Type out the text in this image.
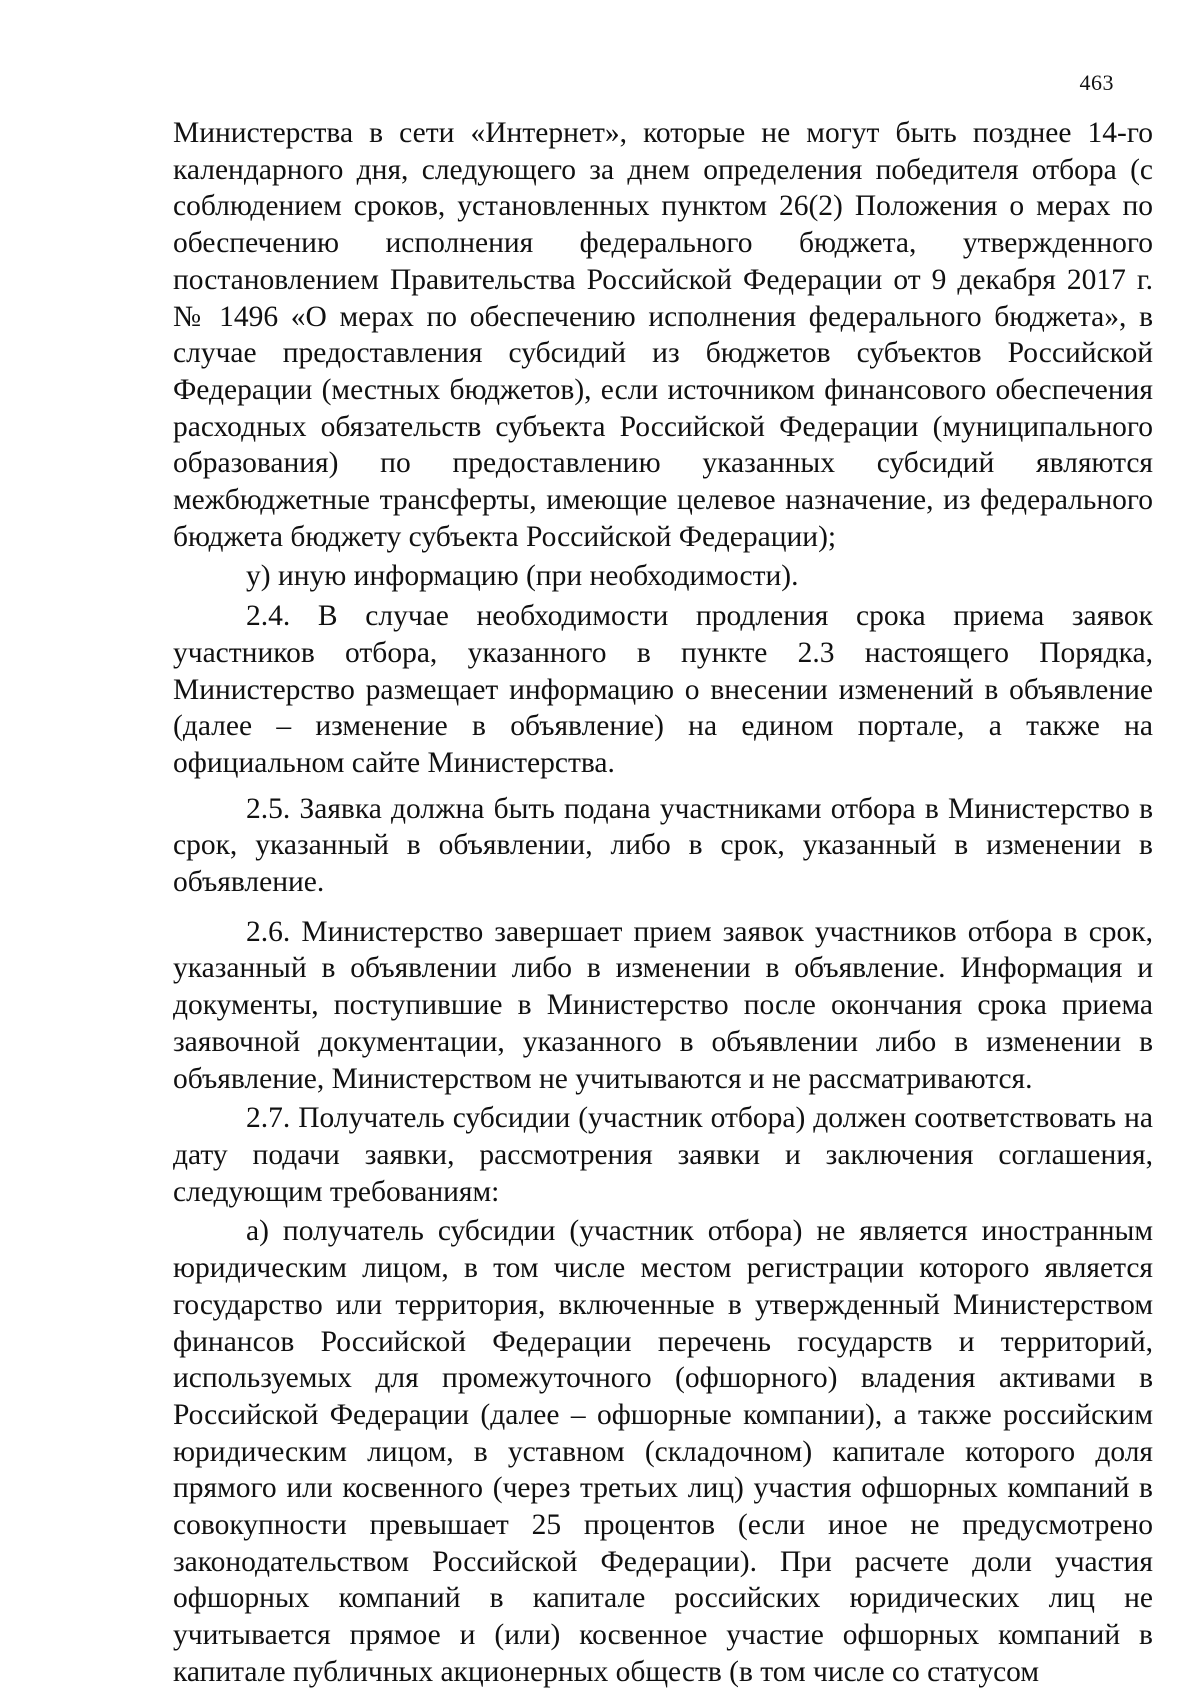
463

Министерства в сети «Интернет», которые не могут быть позднее 14-го календарного дня, следующего за днем определения победителя отбора (с соблюдением сроков, установленных пунктом 26(2) Положения о мерах по обеспечению исполнения федерального бюджета, утвержденного постановлением Правительства Российской Федерации от 9 декабря 2017 г. № 1496 «О мерах по обеспечению исполнения федерального бюджета», в случае предоставления субсидий из бюджетов субъектов Российской Федерации (местных бюджетов), если источником финансового обеспечения расходных обязательств субъекта Российской Федерации (муниципального образования) по предоставлению указанных субсидий являются межбюджетные трансферты, имеющие целевое назначение, из федерального бюджета бюджету субъекта Российской Федерации);

у) иную информацию (при необходимости).

2.4. В случае необходимости продления срока приема заявок участников отбора, указанного в пункте 2.3 настоящего Порядка, Министерство размещает информацию о внесении изменений в объявление (далее – изменение в объявление) на едином портале, а также на официальном сайте Министерства.

2.5. Заявка должна быть подана участниками отбора в Министерство в срок, указанный в объявлении, либо в срок, указанный в изменении в объявление.

2.6. Министерство завершает прием заявок участников отбора в срок, указанный в объявлении либо в изменении в объявление. Информация и документы, поступившие в Министерство после окончания срока приема заявочной документации, указанного в объявлении либо в изменении в объявление, Министерством не учитываются и не рассматриваются.

2.7. Получатель субсидии (участник отбора) должен соответствовать на дату подачи заявки, рассмотрения заявки и заключения соглашения, следующим требованиям:

а) получатель субсидии (участник отбора) не является иностранным юридическим лицом, в том числе местом регистрации которого является государство или территория, включенные в утвержденный Министерством финансов Российской Федерации перечень государств и территорий, используемых для промежуточного (офшорного) владения активами в Российской Федерации (далее – офшорные компании), а также российским юридическим лицом, в уставном (складочном) капитале которого доля прямого или косвенного (через третьих лиц) участия офшорных компаний в совокупности превышает 25 процентов (если иное не предусмотрено законодательством Российской Федерации). При расчете доли участия офшорных компаний в капитале российских юридических лиц не учитывается прямое и (или) косвенное участие офшорных компаний в капитале публичных акционерных обществ (в том числе со статусом
